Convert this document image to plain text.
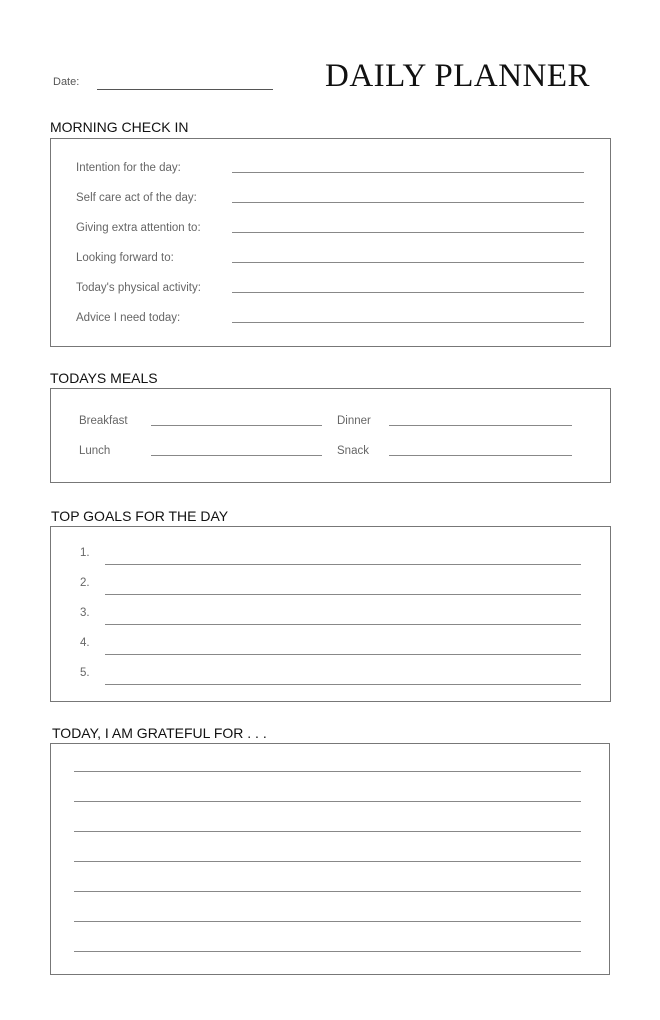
Date:	DAILY PLANNER
MORNING CHECK IN
Intention for the day:
Self care act of the day:
Giving extra attention to:
Looking forward to:
Today's physical activity:
Advice I need today:
TODAYS MEALS
Breakfast
Lunch
Dinner
Snack
TOP GOALS FOR THE DAY
1.
2.
3.
4.
5.
TODAY, I AM GRATEFUL FOR . . .
